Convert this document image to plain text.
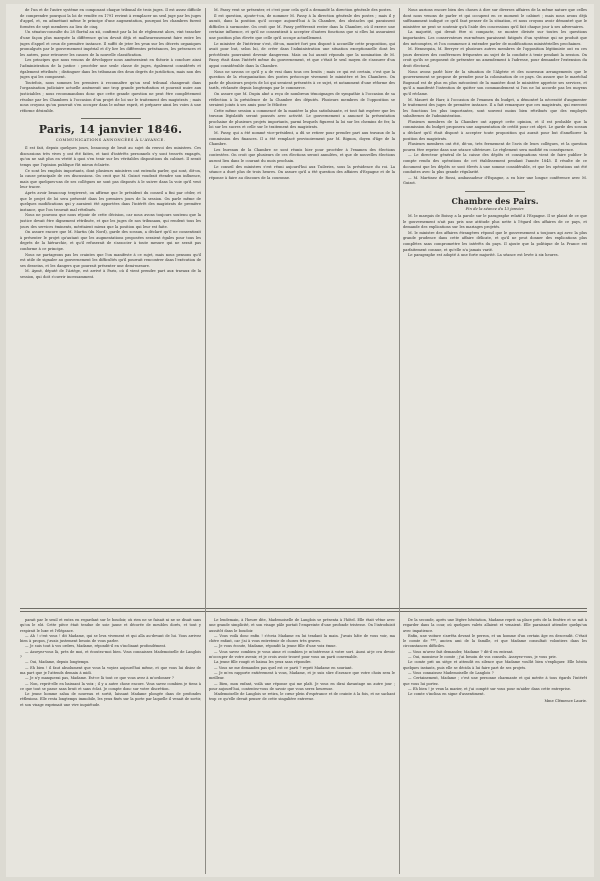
de l'un et de l'autre système en composant chaque tribunal de trois juges. Il est assez difficile de comprendre pourquoi la loi de vendée en 1791 revient à remplacer un seul juge par les juges d'appel, et, en admettant même le principe d'une augmentation, pourquoi les chambres furent formées de sept membres au lieu de cinq.

Un sénatus-consulte du 28 floréal an xii, confirmé par la loi de réglement alors, vint trancher d'une façon plus marquée la différence qu'on devait déjà et malheureusement faire entre les juges d'appel et ceux de première instance. Il suffit de jeter les yeux sur les décrets organiques promulgués par le gouvernement impérial et d'y lire les différentes préséances, les présences et les autres, pour retrouver les causes de la nouvelle classification.

Les principes que nous venons de développer nous amèneraient en théorie à conclure ainsi l'administration de la justice : procéder une seule classe de juges, également considérés et également rétribués ; distinguer dans les tribunaux des deux degrés de juridiction, mais non des juges qui les composent.

Toutefois, nous sommes les premiers à reconnaître qu'un seul tribunal changerait dans l'organisation judiciaire actuelle amènerait une trop grande perturbation et pourrait nuire aux justiciables ; nous recommandons donc que cette grande question ne peut être complètement résolue par les Chambres à l'occasion d'un projet de loi sur le traitement des magistrats ; mais nous croyons qu'on pourrait s'en occuper dans le même esprit, et préparer ainsi les voies à une réforme désirable.

Paris, 14 janvier 1846.
COMMUNICATIONS ANNONCÉES À L'AVANCE.

Il est fait, depuis quelques jours, beaucoup de bruit au sujet du renvoi des ministres. Ces discussions très vives y ont été faites, et tant d'intérêts personnels s'y sont trouvés engagés, qu'on ne sait plus en vérité à quoi s'en tenir sur les véritables dispositions du cabinet. Il serait temps que l'opinion publique fût mieux éclairée.

Ce sont les emplois importants, dont plusieurs ministres ont entendu parler, qui sont, dit-on, la cause principale de ces discussions. On croit que M. Guizot voudrait étendre son influence, mais que quelques-uns de ses collègues ne sont pas disposés à le suivre dans la voie qu'il veut leur tracer.

Après avoir beaucoup tergiversé, on affirme que le président du conseil a fini par céder, et que le projet de loi sera présenté dans les premiers jours de la session. On parle même de quelques modifications qui y auraient été apportées dans l'intérêt des magistrats de première instance, que l'on trouvait mal rétribués.

Nous ne pouvons que nous réjouir de cette décision, car nous avons toujours soutenu que la justice devait être dignement rétribuée, et que les juges de nos tribunaux, qui rendent tous les jours des services éminents, méritaient mieux que la position qui leur est faite.

On assure encore que M. Martin (du Nord), garde des sceaux, a déclaré qu'il ne consentirait à présenter le projet qu'autant que les augmentations proposées seraient égales pour tous les degrés de la hiérarchie, et qu'il refuserait de s'associer à toute mesure qui ne serait pas conforme à ce principe.

Nous ne partageons pas les craintes que l'on manifeste à ce sujet, mais nous pensons qu'il est utile de signaler au gouvernement les difficultés qu'il pourrait rencontrer dans l'exécution de ses desseins, et les dangers que pourrait présenter une demi-mesure.

M. Aymé, député de l'Ariège, est arrivé à Paris, où il vient prendre part aux travaux de la session, qui doit s'ouvrir incessamment.

M. Passy veut se présenter, et c'est pour cela qu'il a demandé la direction générale des postes.

Il est question, ajoute-t-on, de nommer M. Passy à la direction générale des postes ; mais il y aurait, dans la position qu'il occupe aujourd'hui à la Chambre, des obstacles qui paraissent difficiles à surmonter. On croit que M. Passy préférerait rester dans la Chambre, où il exerce une certaine influence, et qu'il ne consentirait à accepter d'autres fonctions que si elles lui assuraient une position plus élevée que celle qu'il occupe actuellement.

Le ministre de l'intérieur s'est, dit-on, montré fort peu disposé à accueillir cette proposition, qui avait pour but, selon lui, de créer dans l'administration une situation exceptionnelle dont les précédents pourraient devenir dangereux. Mais on lui aurait répondu que la nomination de M. Passy était dans l'intérêt même du gouvernement, et que c'était le seul moyen de s'assurer d'un appui considérable dans la Chambre.

Nous ne savons ce qu'il y a de vrai dans tous ces bruits ; mais ce qui est certain, c'est que la question de la réorganisation des postes préoccupe vivement le ministère et les Chambres. On parle de plusieurs projets de loi qui seraient présentés à ce sujet, et notamment d'une réforme des tarifs, réclamée depuis longtemps par le commerce.

On assure que M. Dupin aîné a reçu de nombreux témoignages de sympathie à l'occasion de sa réélection à la présidence de la Chambre des députés. Plusieurs membres de l'opposition se seraient joints à ses amis pour le féliciter.

Cette même session a commencé de la manière la plus satisfaisante, et tout fait espérer que les travaux législatifs seront poussés avec activité. Le gouvernement a annoncé la présentation prochaine de plusieurs projets importants, parmi lesquels figurent la loi sur les chemins de fer, la loi sur les sucres et celle sur le traitement des magistrats.

M. Passy, qui a été nommé vice-président, a dû se retirer pour prendre part aux travaux de la commission des finances. Il a été remplacé provisoirement par M. Bignon, doyen d'âge de la Chambre.

Les bureaux de la Chambre se sont réunis hier pour procéder à l'examen des élections contestées. On croit que plusieurs de ces élections seront annulées, et que de nouvelles élections auront lieu dans le courant du mois prochain.

Le conseil des ministres s'est réuni aujourd'hui aux Tuileries, sous la présidence du roi. La séance a duré plus de trois heures. On assure qu'il a été question des affaires d'Espagne et de la réponse à faire au discours de la couronne.

Nous aurions encore bien des choses à dire sur diverses affaires de la même nature que celles dont nous venons de parler et qui occupent en ce moment le cabinet ; mais nous avons déjà suffisamment indiqué ce qu'il faut penser de la situation, et nous croyons avoir démontré que le ministère ne peut se soutenir qu'à l'aide des concessions qu'il fait chaque jour à ses adversaires.

La majorité, qui devait être si compacte, se montre divisée sur toutes les questions importantes. Les conservateurs eux-mêmes paraissent fatigués d'un système qui ne produit que des mécomptes, et l'on commence à entendre parler de modifications ministérielles prochaines.

M. Hennequin, M. Berryer et plusieurs autres membres de l'opposition légitimiste ont eu ces jours derniers des conférences fréquentes au sujet de la conduite à tenir pendant la session. On croit qu'ils se proposent de présenter un amendement à l'adresse, pour demander l'extension du droit électoral.

Nous avons parlé hier de la situation de l'Algérie et des nouveaux arrangements que le gouvernement se propose de prendre pour la colonisation de ce pays. On assure que le maréchal Bugeaud est de plus en plus mécontent de la manière dont le ministère apprécie ses services, et qu'il a manifesté l'intention de quitter son commandement si l'on ne lui accorde pas les moyens qu'il réclame.

M. Mauret de Harr, à l'occasion de l'examen du budget, a démontré la nécessité d'augmenter le traitement des juges de première instance. Il a fait remarquer que ces magistrats, qui exercent les fonctions les plus importantes, sont souvent moins bien rétribués que des employés subalternes de l'administration.

Plusieurs membres de la Chambre ont appuyé cette opinion, et il est probable que la commission du budget proposera une augmentation de crédit pour cet objet. Le garde des sceaux a déclaré qu'il était disposé à accepter toute proposition qui aurait pour but d'améliorer la position des magistrats.

Plusieurs membres ont été, dit-on, très fermement de l'avis de leurs collègues, et la question pourra être reprise dans une séance ultérieure. Le règlement sera modifié en conséquence.

— Le directeur général de la caisse des dépôts et consignations vient de faire publier le compte rendu des opérations de cet établissement pendant l'année 1845. Il résulte de ce document que les dépôts se sont élevés à une somme considérable, et que les opérations ont été conduites avec la plus grande régularité.

— M. Martinez de Rossi, ambassadeur d'Espagne, a eu hier une longue conférence avec M. Guizot.

Chambre des Pairs.
Fin de la séance du 13 janvier.

M. le marquis de Boissy a la parole sur le paragraphe relatif à l'Espagne. Il se plaint de ce que le gouvernement n'ait pas pris une attitude plus nette à l'égard des affaires de ce pays, et demande des explications sur les mariages projetés.

M. le ministre des affaires étrangères répond que le gouvernement a toujours agi avec la plus grande prudence dans cette affaire délicate, et qu'il ne peut donner des explications plus complètes sans compromettre les intérêts du pays. Il ajoute que la politique de la France est parfaitement connue, et qu'elle n'a jamais varié.

Le paragraphe est adopté à une forte majorité. La séance est levée à six heures.

parait par le seuil et entra en regardant sur le boudoir, où rien ne se faisait ni ne se disait sans qu'on le sût. Cette pièce était tendue de soie jaune et décorée de meubles dorés, et tout y respirait le luxe et l'élégance.

— Ah ! c'est vous ! dit Madame, qui se leva vivement et qui alla au-devant de lui. Vous arrivez bien à propos, j'avais justement besoin de vous parler.

— Je suis tout à vos ordres, Madame, répondit-il en s'inclinant profondément.

— Asseyez-vous là, près de moi, et écoutez-moi bien. Vous connaissez Mademoiselle de Langlois ?

— Oui, Madame, depuis longtemps.

— Eh bien ! il faut absolument que vous la voyiez aujourd'hui même, et que vous lui disiez de ma part que je l'attends demain à midi.

— Je n'y manquerai pas, Madame. Est-ce là tout ce que vous avez à m'ordonner ?

— Non, reprit-elle en baissant la voix ; il y a autre chose encore. Vous savez combien je tiens à ce que tout se passe sans bruit et sans éclat. Je compte donc sur votre discrétion.

Le jeune homme salua de nouveau et sortit, laissant Madame plongée dans de profondes réflexions. Elle resta longtemps immobile, les yeux fixés sur la porte par laquelle il venait de sortir, et son visage exprimait une vive inquiétude.

Le lendemain, à l'heure dite, Mademoiselle de Langlois se présenta à l'hôtel. Elle était vêtue avec une grande simplicité, et son visage pâle portait l'empreinte d'une profonde tristesse. On l'introduisit aussitôt dans le boudoir.

— Vous voilà donc enfin ! s'écria Madame en lui tendant la main. J'avais hâte de vous voir, ma chère enfant, car j'ai à vous entretenir de choses très graves.

— Je vous écoute, Madame, répondit la jeune fille d'une voix émue.

— Vous savez combien je vous aime et combien je m'intéresse à votre sort. Aussi ai-je cru devoir m'occuper de votre avenir, et je crois avoir trouvé pour vous un parti convenable.

La jeune fille rougit et baissa les yeux sans répondre.

— Vous ne me demandez pas quel est ce parti ? reprit Madame en souriant.

— Je m'en rapporte entièrement à vous, Madame, et je suis sûre d'avance que votre choix sera le meilleur.

— Bien, mon enfant, voilà une réponse qui me plaît. Je vous en dirai davantage un autre jour ; pour aujourd'hui, contentez-vous de savoir que vous serez heureuse.

Mademoiselle de Langlois se retira, le cœur plein d'espérance et de crainte à la fois, et ne sachant trop ce qu'elle devait penser de cette singulière entrevue.

De la seconde, après une légère hésitation, Madame reprit sa place près de la fenêtre et se mit à regarder dans la cour, où quelques valets allaient et venaient. Elle paraissait attendre quelqu'un avec impatience.

Enfin, une voiture s'arrêta devant le perron, et un homme d'un certain âge en descendit. C'était le comte de ***, ancien ami de la famille, et que Madame consultait volontiers dans les circonstances difficiles.

— Vous m'avez fait demander, Madame ? dit-il en entrant.

— Oui, monsieur le comte ; j'ai besoin de vos conseils. Asseyez-vous, je vous prie.

Le comte prit un siège et attendit en silence que Madame voulût bien s'expliquer. Elle hésita quelques instants, puis elle se décida à lui faire part de ses projets.

— Vous connaissez Mademoiselle de Langlois ?

— Certainement, Madame ; c'est une personne charmante et qui mérite à tous égards l'intérêt que vous lui portez.

— Eh bien ! je veux la marier, et j'ai compté sur vous pour m'aider dans cette entreprise.

Le comte s'inclina en signe d'assentiment.

Mme Clémence Laurie.
